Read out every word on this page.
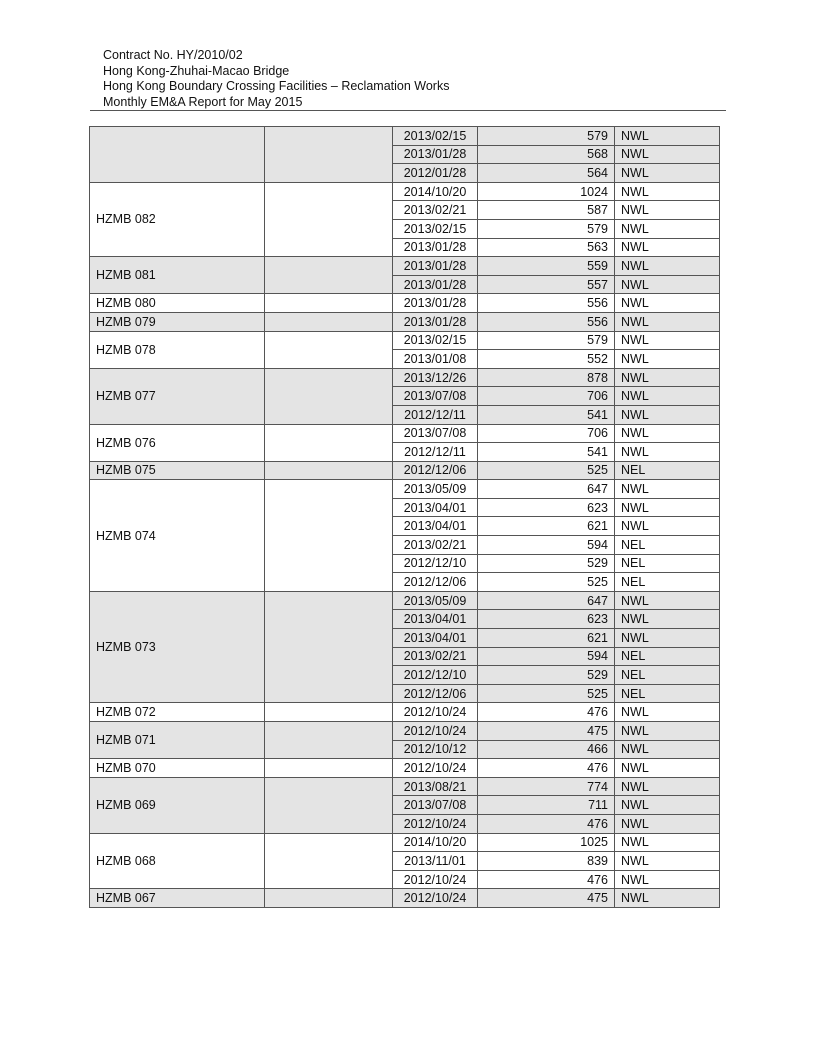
Contract No. HY/2010/02
Hong Kong-Zhuhai-Macao Bridge
Hong Kong Boundary Crossing Facilities – Reclamation Works
Monthly EM&A Report for May 2015
		2013/02/15	579	NWL
		2013/01/28	568	NWL
		2012/01/28	564	NWL
HZMB 082		2014/10/20	1024	NWL
		2013/02/21	587	NWL
		2013/02/15	579	NWL
		2013/01/28	563	NWL
HZMB 081		2013/01/28	559	NWL
		2013/01/28	557	NWL
HZMB 080		2013/01/28	556	NWL
HZMB 079		2013/01/28	556	NWL
HZMB 078		2013/02/15	579	NWL
		2013/01/08	552	NWL
HZMB 077		2013/12/26	878	NWL
		2013/07/08	706	NWL
		2012/12/11	541	NWL
HZMB 076		2013/07/08	706	NWL
		2012/12/11	541	NWL
HZMB 075		2012/12/06	525	NEL
HZMB 074		2013/05/09	647	NWL
		2013/04/01	623	NWL
		2013/04/01	621	NWL
		2013/02/21	594	NEL
		2012/12/10	529	NEL
		2012/12/06	525	NEL
HZMB 073		2013/05/09	647	NWL
		2013/04/01	623	NWL
		2013/04/01	621	NWL
		2013/02/21	594	NEL
		2012/12/10	529	NEL
		2012/12/06	525	NEL
HZMB 072		2012/10/24	476	NWL
HZMB 071		2012/10/24	475	NWL
		2012/10/12	466	NWL
HZMB 070		2012/10/24	476	NWL
HZMB 069		2013/08/21	774	NWL
		2013/07/08	711	NWL
		2012/10/24	476	NWL
HZMB 068		2014/10/20	1025	NWL
		2013/11/01	839	NWL
		2012/10/24	476	NWL
HZMB 067		2012/10/24	475	NWL
